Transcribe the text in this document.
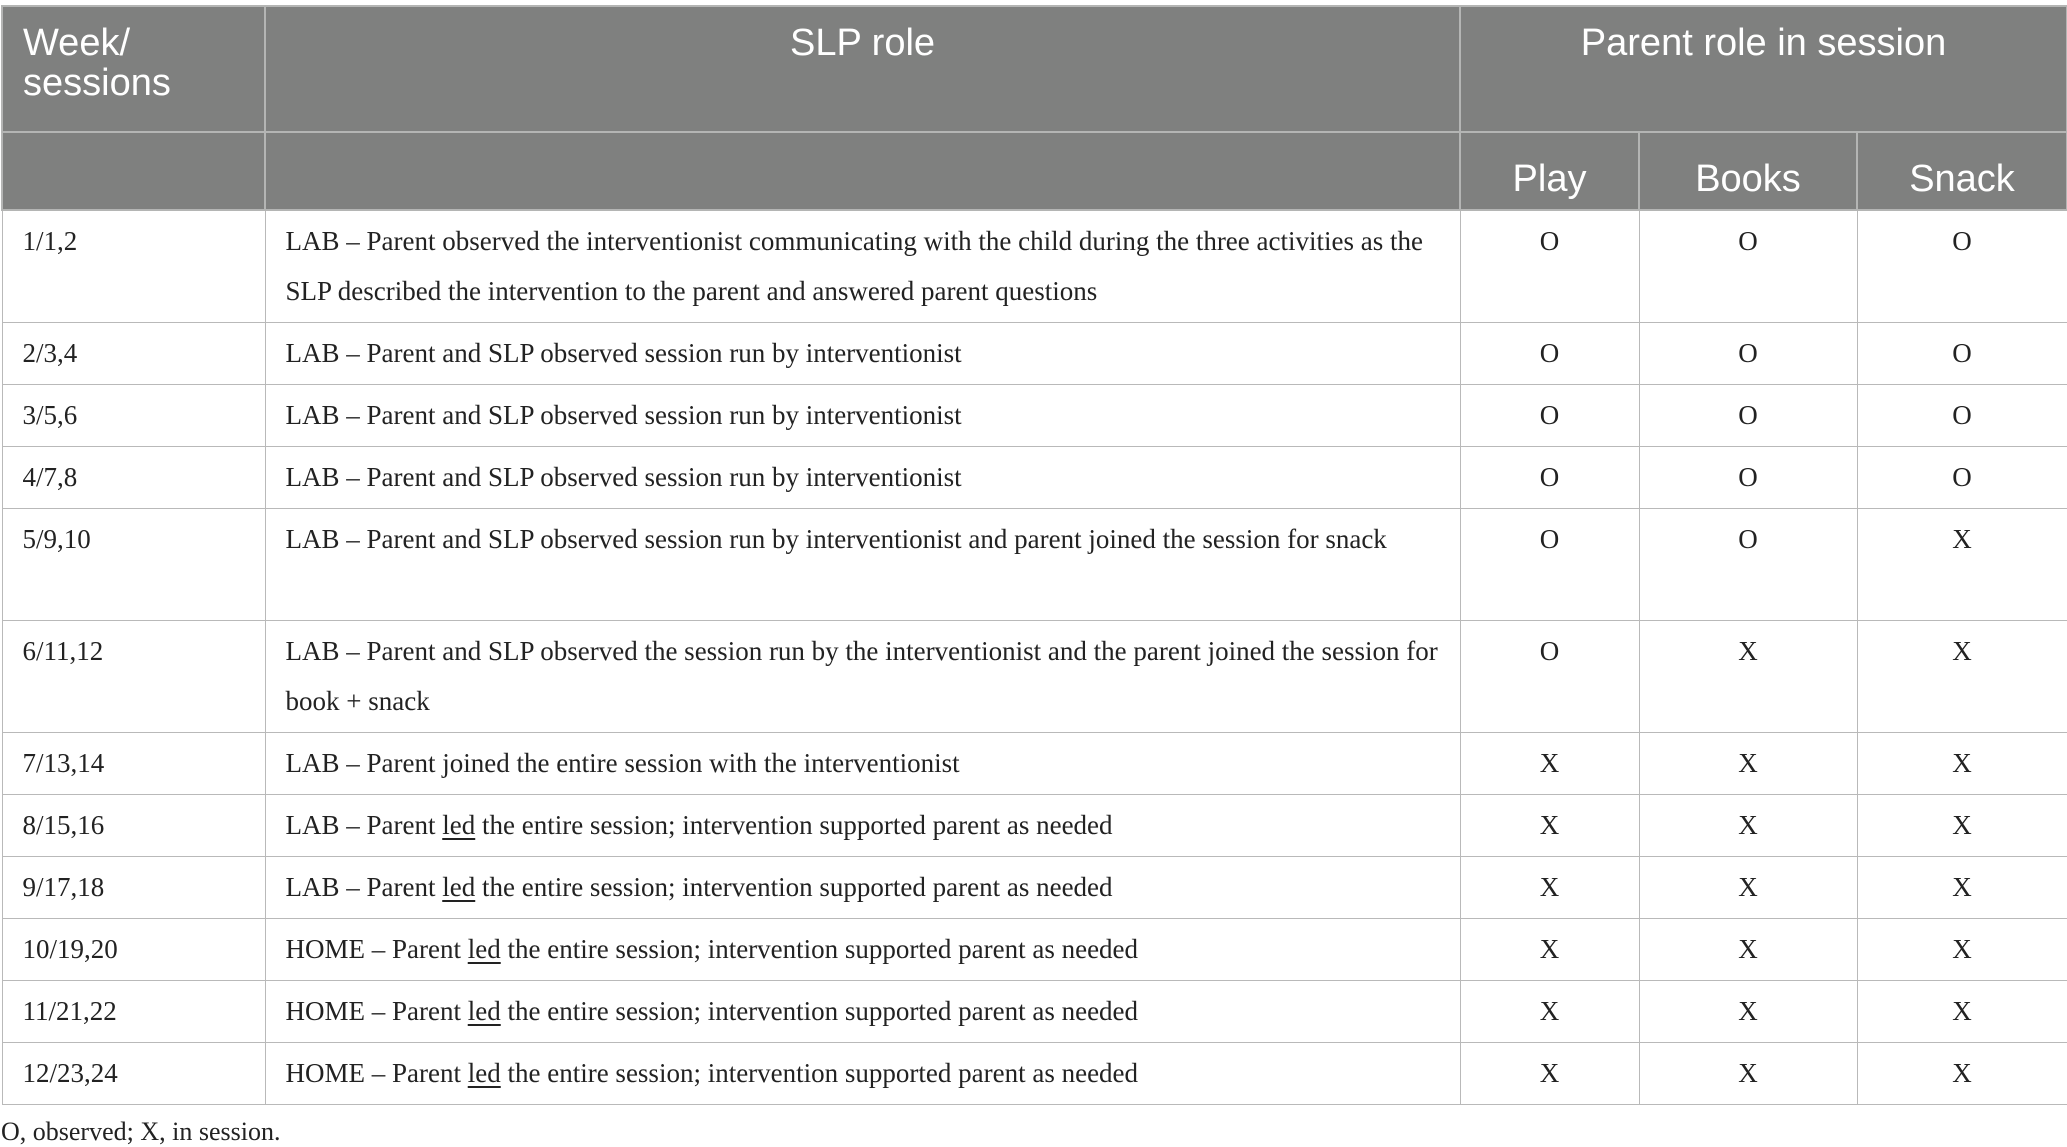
Week/ sessions	SLP role	Parent role in session		
		Play	Books	Snack
1/1,2	LAB – Parent observed the interventionist communicating with the child during the three activities as the SLP described the intervention to the parent and answered parent questions	O	O	O
2/3,4	LAB – Parent and SLP observed session run by interventionist	O	O	O
3/5,6	LAB – Parent and SLP observed session run by interventionist	O	O	O
4/7,8	LAB – Parent and SLP observed session run by interventionist	O	O	O
5/9,10	LAB – Parent and SLP observed session run by interventionist and parent joined the session for snack	O	O	X
6/11,12	LAB – Parent and SLP observed the session run by the interventionist and the parent joined the session for book + snack	O	X	X
7/13,14	LAB – Parent joined the entire session with the interventionist	X	X	X
8/15,16	LAB – Parent led the entire session; intervention supported parent as needed	X	X	X
9/17,18	LAB – Parent led the entire session; intervention supported parent as needed	X	X	X
10/19,20	HOME – Parent led the entire session; intervention supported parent as needed	X	X	X
11/21,22	HOME – Parent led the entire session; intervention supported parent as needed	X	X	X
12/23,24	HOME – Parent led the entire session; intervention supported parent as needed	X	X	X
O, observed; X, in session.
